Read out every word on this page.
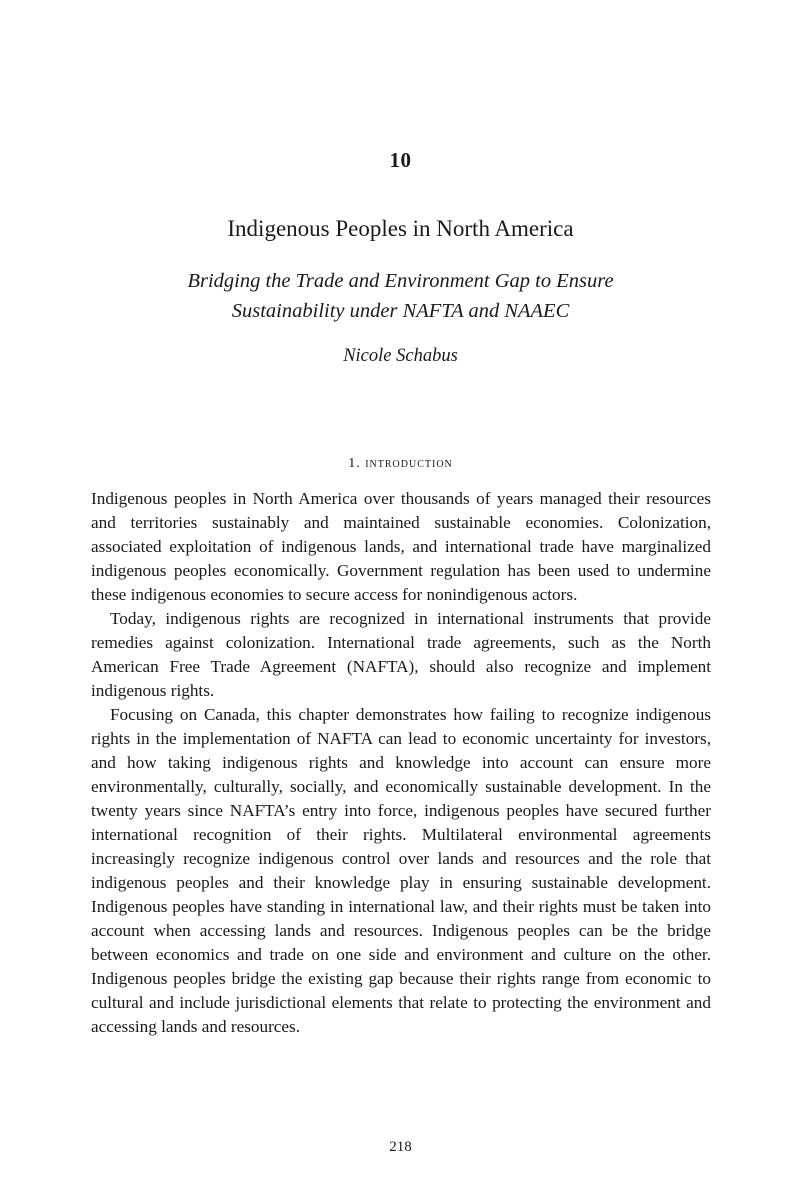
10
Indigenous Peoples in North America
Bridging the Trade and Environment Gap to Ensure
Sustainability under NAFTA and NAAEC
Nicole Schabus
1. introduction

Indigenous peoples in North America over thousands of years managed their resources and territories sustainably and maintained sustainable economies. Colonization, associated exploitation of indigenous lands, and international trade have marginalized indigenous peoples economically. Government regulation has been used to undermine these indigenous economies to secure access for nonindigenous actors.

Today, indigenous rights are recognized in international instruments that provide remedies against colonization. International trade agreements, such as the North American Free Trade Agreement (NAFTA), should also recognize and implement indigenous rights.

Focusing on Canada, this chapter demonstrates how failing to recognize indigenous rights in the implementation of NAFTA can lead to economic uncertainty for investors, and how taking indigenous rights and knowledge into account can ensure more environmentally, culturally, socially, and economically sustainable development. In the twenty years since NAFTA’s entry into force, indigenous peoples have secured further international recognition of their rights. Multilateral environmental agreements increasingly recognize indigenous control over lands and resources and the role that indigenous peoples and their knowledge play in ensuring sustainable development. Indigenous peoples have standing in international law, and their rights must be taken into account when accessing lands and resources. Indigenous peoples can be the bridge between economics and trade on one side and environment and culture on the other. Indigenous peoples bridge the existing gap because their rights range from economic to cultural and include jurisdictional elements that relate to protecting the environment and accessing lands and resources.

218
